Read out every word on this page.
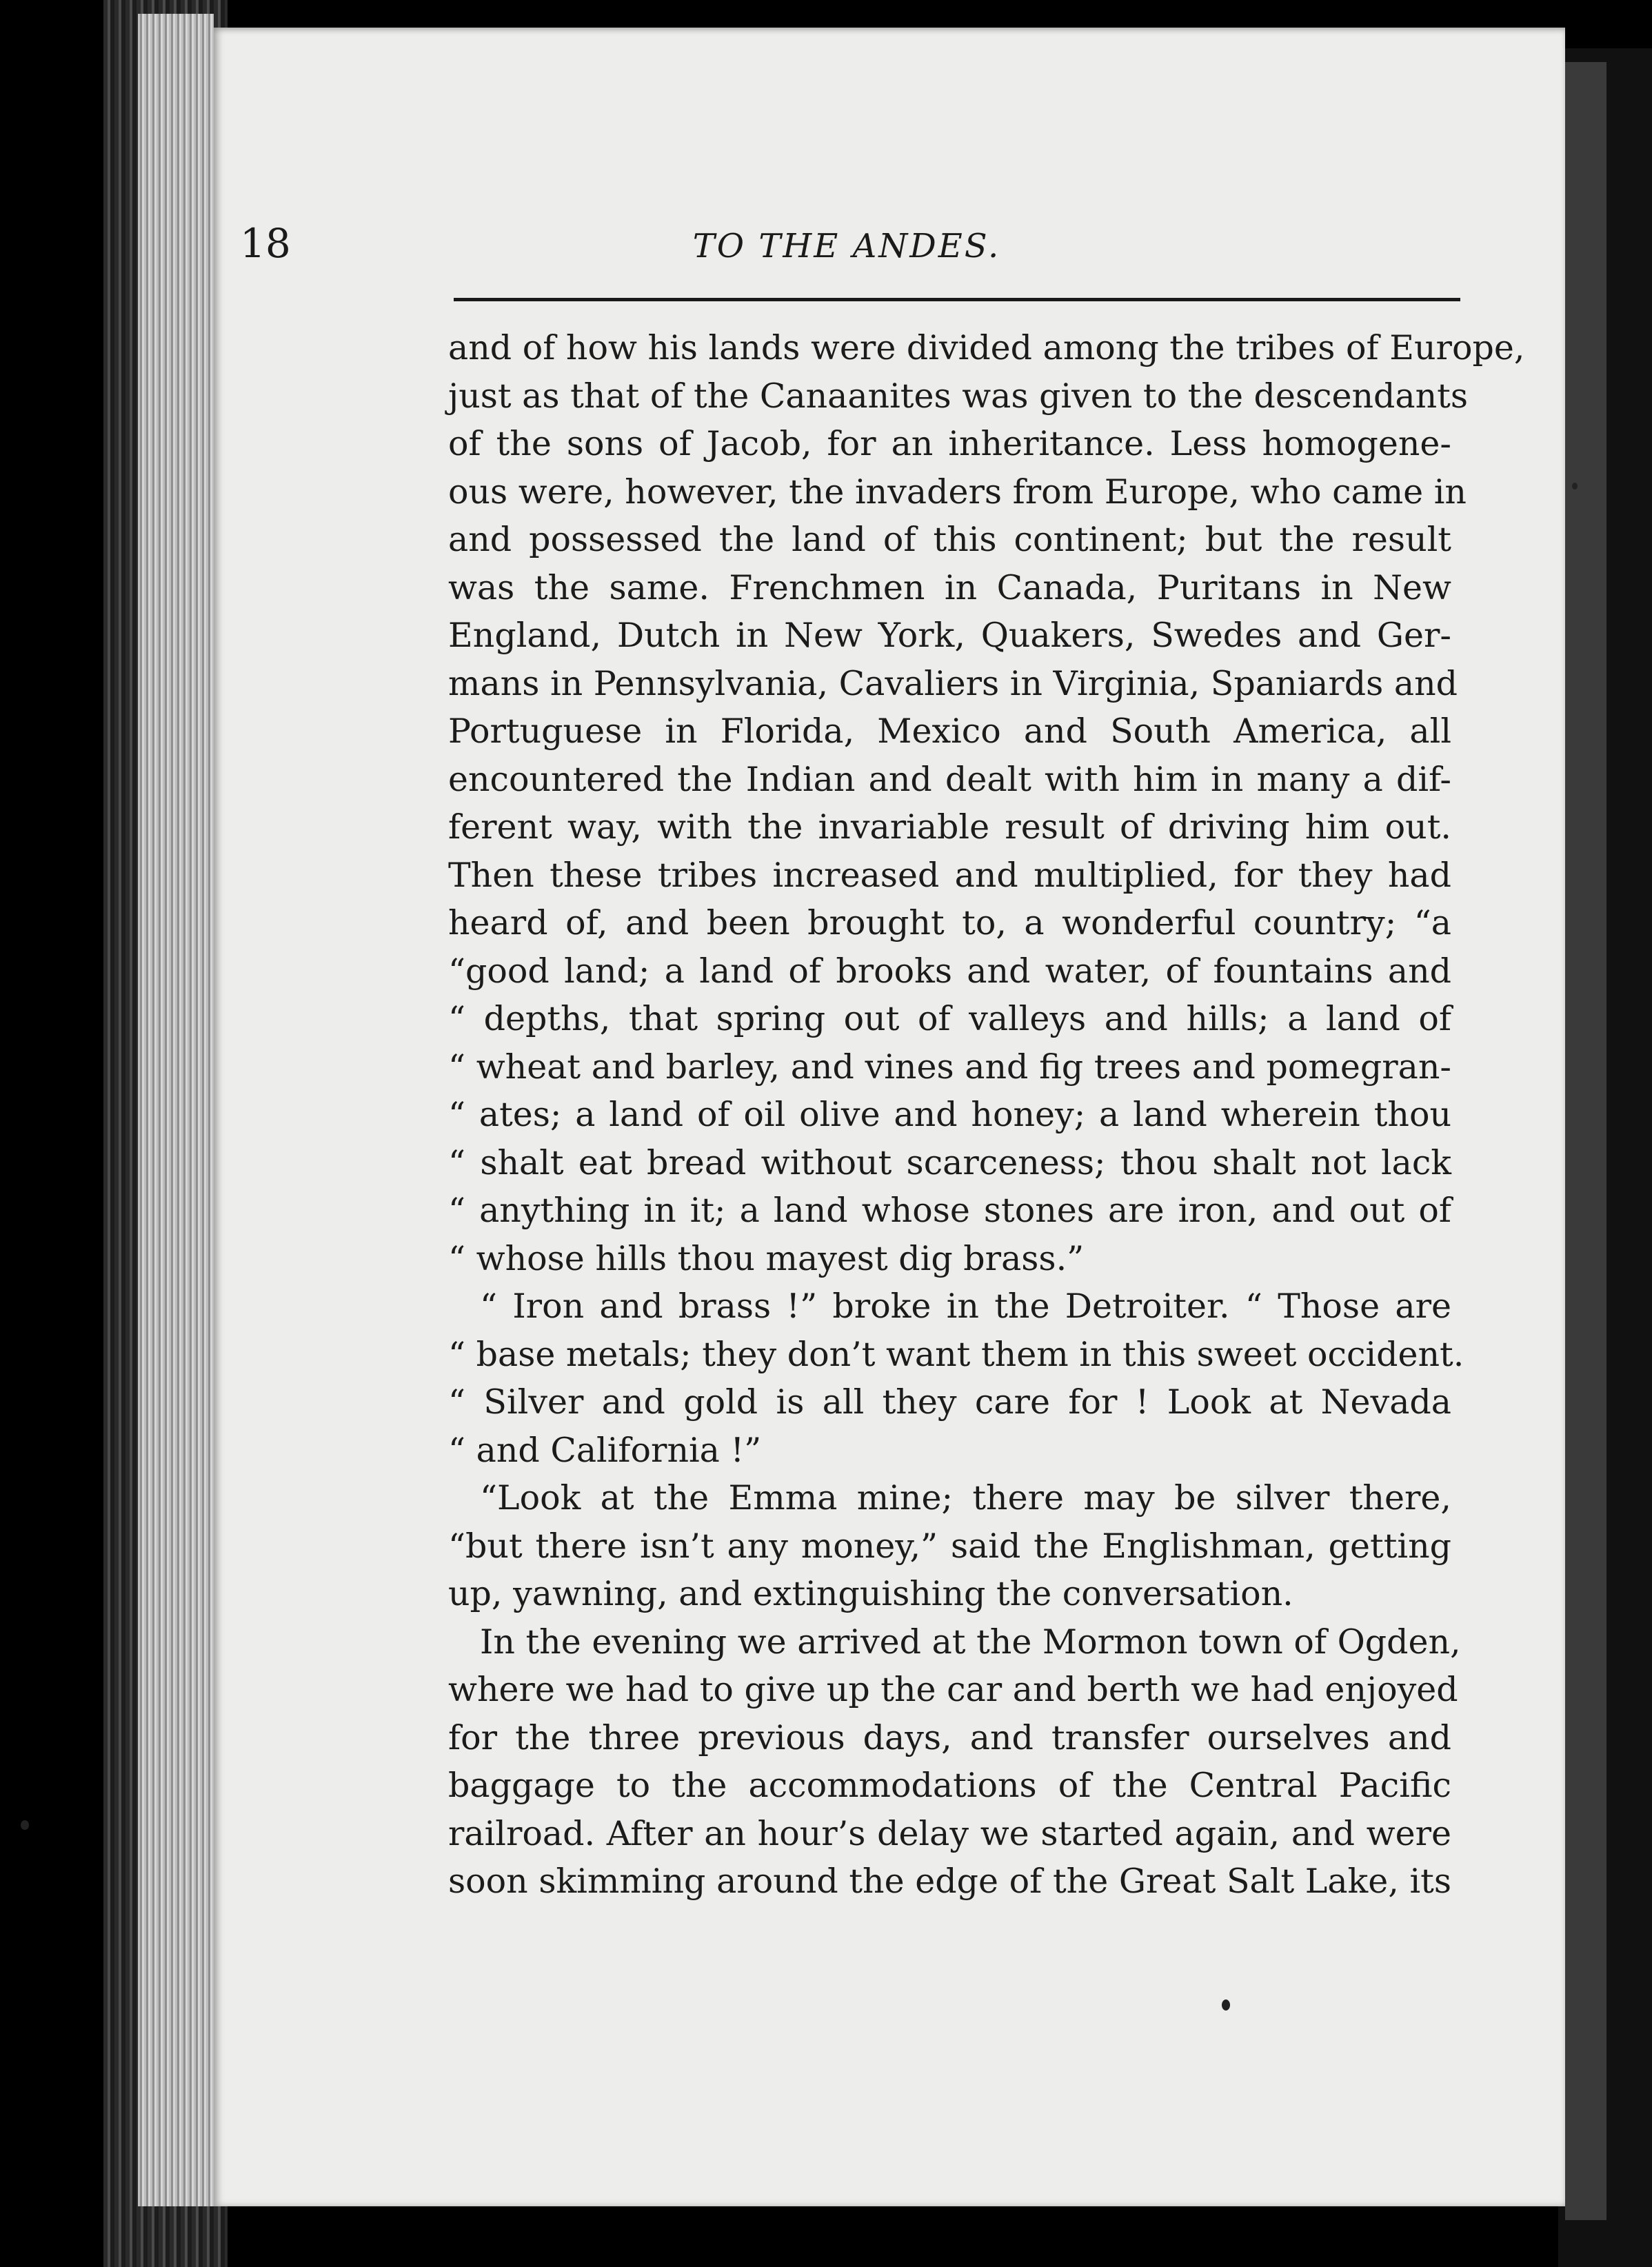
18	TO THE ANDES.
and of how his lands were divided among the tribes of Europe,
just as that of the Canaanites was given to the descendants
of the sons of Jacob, for an inheritance. Less homogene-
ous were, however, the invaders from Europe, who came in
and possessed the land of this continent; but the result
was the same. Frenchmen in Canada, Puritans in New
England, Dutch in New York, Quakers, Swedes and Ger-
mans in Pennsylvania, Cavaliers in Virginia, Spaniards and
Portuguese in Florida, Mexico and South America, all
encountered the Indian and dealt with him in many a dif-
ferent way, with the invariable result of driving him out.
Then these tribes increased and multiplied, for they had
heard of, and been brought to, a wonderful country; “a
“good land; a land of brooks and water, of fountains and
“ depths, that spring out of valleys and hills; a land of
“ wheat and barley, and vines and fig trees and pomegran-
“ ates; a land of oil olive and honey; a land wherein thou
“ shalt eat bread without scarceness; thou shalt not lack
“ anything in it; a land whose stones are iron, and out of
“ whose hills thou mayest dig brass.”
“ Iron and brass !” broke in the Detroiter. “ Those are
“ base metals; they don’t want them in this sweet occident.
“ Silver and gold is all they care for ! Look at Nevada
“ and California !”
“Look at the Emma mine; there may be silver there,
“but there isn’t any money,” said the Englishman, getting
up, yawning, and extinguishing the conversation.
In the evening we arrived at the Mormon town of Ogden,
where we had to give up the car and berth we had enjoyed
for the three previous days, and transfer ourselves and
baggage to the accommodations of the Central Pacific
railroad. After an hour’s delay we started again, and were
soon skimming around the edge of the Great Salt Lake, its
